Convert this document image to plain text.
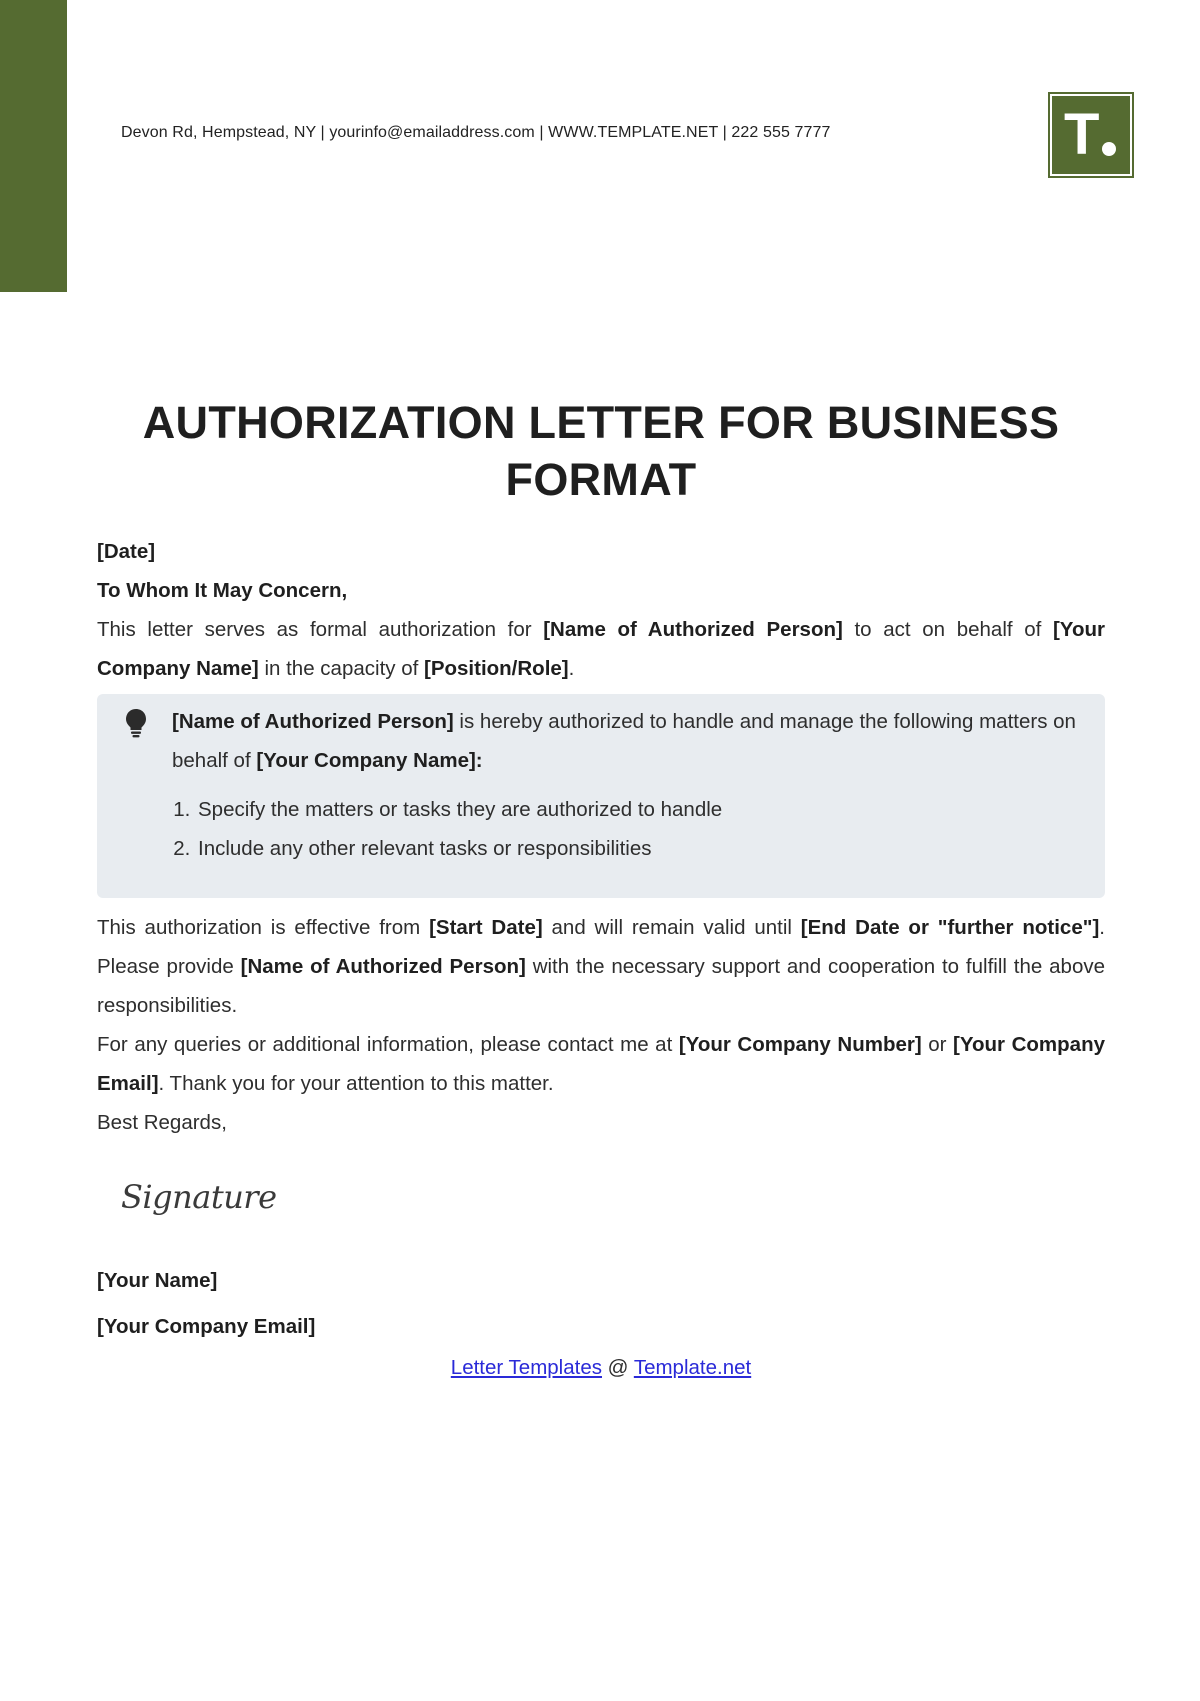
Devon Rd, Hempstead, NY | yourinfo@emailaddress.com | WWW.TEMPLATE.NET | 222 555 7777	T
AUTHORIZATION LETTER FOR BUSINESS FORMAT

[Date]

To Whom It May Concern,

This letter serves as formal authorization for [Name of Authorized Person] to act on behalf of [Your Company Name] in the capacity of [Position/Role].

[Name of Authorized Person] is hereby authorized to handle and manage the following matters on behalf of [Your Company Name]:

1. Specify the matters or tasks they are authorized to handle
2. Include any other relevant tasks or responsibilities

This authorization is effective from [Start Date] and will remain valid until [End Date or "further notice"]. Please provide [Name of Authorized Person] with the necessary support and cooperation to fulfill the above responsibilities.

For any queries or additional information, please contact me at [Your Company Number] or [Your Company Email]. Thank you for your attention to this matter.

Best Regards,

Signature

[Your Name]

[Your Company Email]

Letter Templates @ Template.net
